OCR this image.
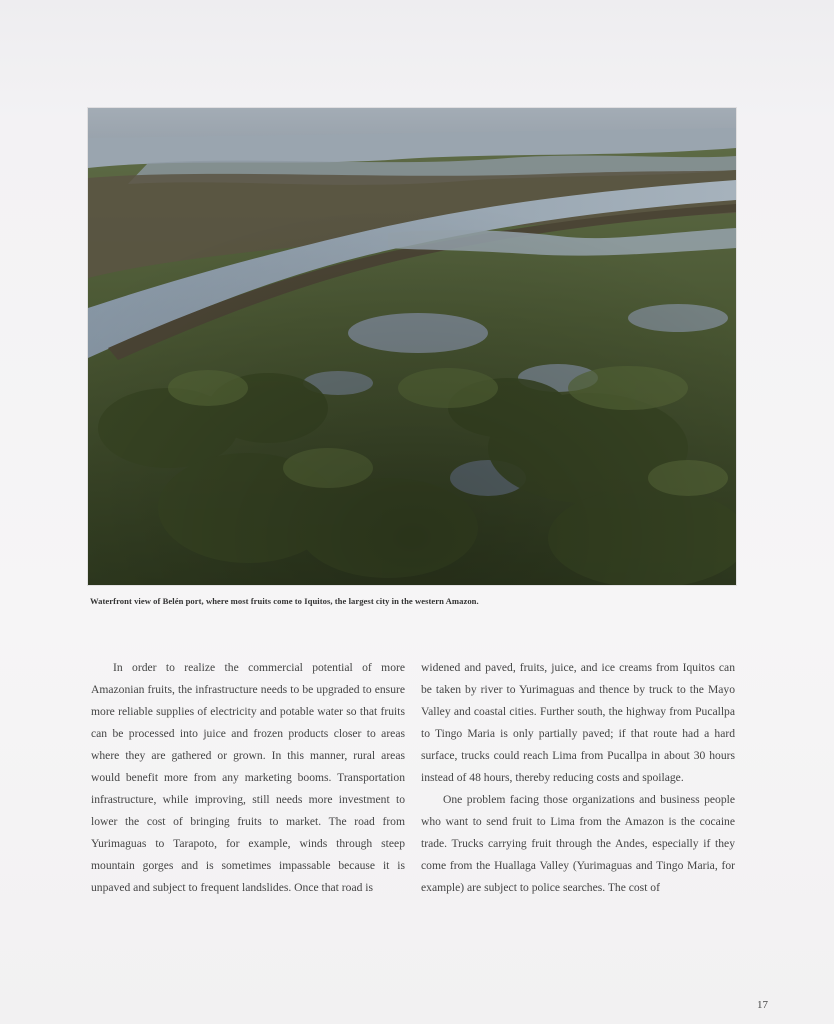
Waterfront view of Belén port, where most fruits come to Iquitos, the largest city in the western Amazon.

In order to realize the commercial potential of more Amazonian fruits, the infrastructure needs to be upgraded to ensure more reliable supplies of electricity and potable water so that fruits can be processed into juice and frozen products closer to areas where they are gathered or grown. In this manner, rural areas would benefit more from any marketing booms. Transportation infrastructure, while improving, still needs more investment to lower the cost of bringing fruits to market. The road from Yurimaguas to Tarapoto, for example, winds through steep mountain gorges and is sometimes impassable because it is unpaved and subject to frequent landslides. Once that road is

widened and paved, fruits, juice, and ice creams from Iquitos can be taken by river to Yurimaguas and thence by truck to the Mayo Valley and coastal cities. Further south, the highway from Pucallpa to Tingo Maria is only partially paved; if that route had a hard surface, trucks could reach Lima from Pucallpa in about 30 hours instead of 48 hours, thereby reducing costs and spoilage.

One problem facing those organizations and business people who want to send fruit to Lima from the Amazon is the cocaine trade. Trucks carrying fruit through the Andes, especially if they come from the Huallaga Valley (Yurimaguas and Tingo Maria, for example) are subject to police searches. The cost of

17
